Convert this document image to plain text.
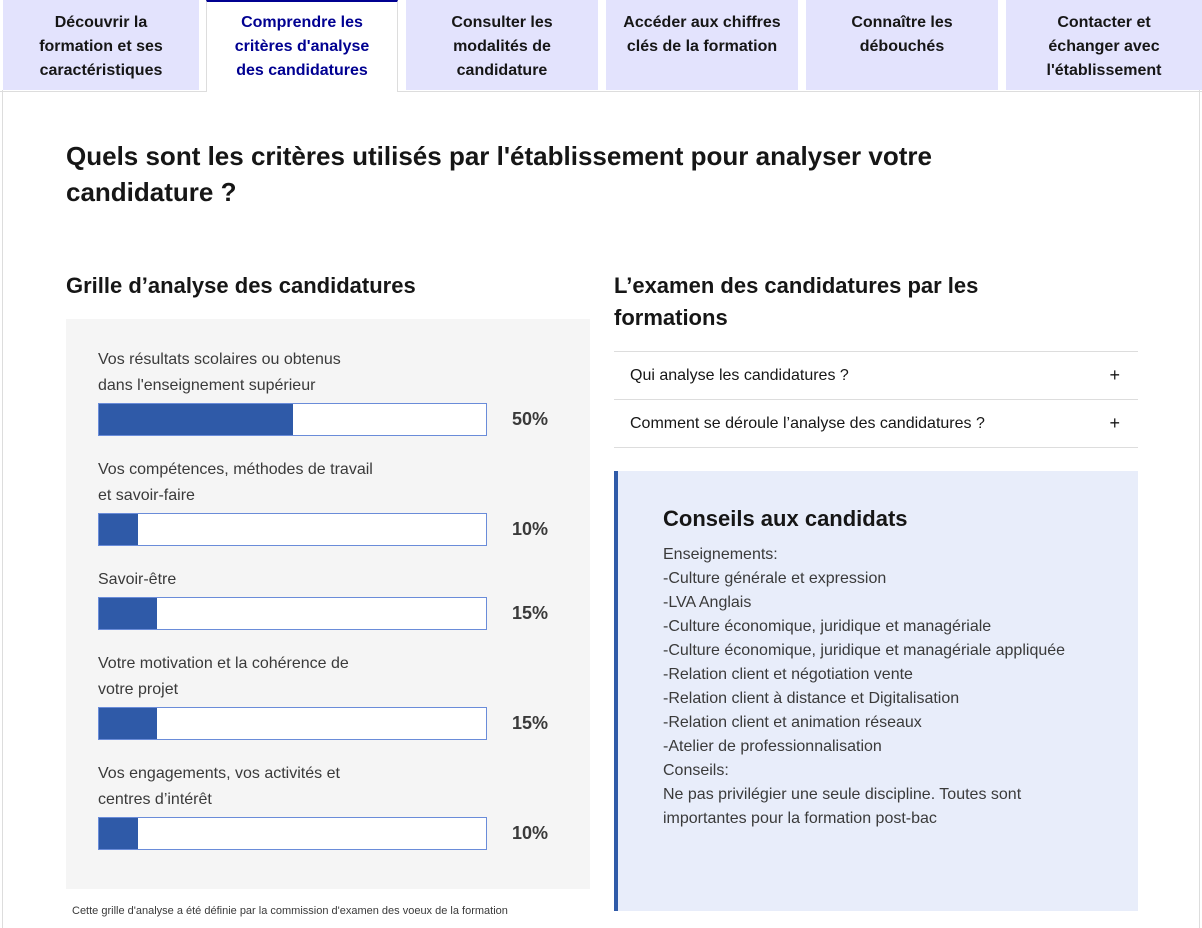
Découvrir la
formation et ses
caractéristiques
Comprendre les
critères d'analyse
des candidatures
Consulter les
modalités de
candidature
Accéder aux chiffres
clés de la formation
Connaître les
débouchés
Contacter et
échanger avec
l'établissement
Quels sont les critères utilisés par l'établissement pour analyser votre candidature ?
Grille d’analyse des candidatures
Vos résultats scolaires ou obtenus
dans l'enseignement supérieur
50%
Vos compétences, méthodes de travail
et savoir-faire
10%
Savoir-être
15%
Votre motivation et la cohérence de
votre projet
15%
Vos engagements, vos activités et
centres d’intérêt
10%
Cette grille d'analyse a été définie par la commission d'examen des voeux de la formation
L’examen des candidatures par les formations
Qui analyse les candidatures ?	+
Comment se déroule l’analyse des candidatures ?	+
Conseils aux candidats
Enseignements:
-Culture générale et expression
-LVA Anglais
-Culture économique, juridique et managériale
-Culture économique, juridique et managériale appliquée
-Relation client et négotiation vente
-Relation client à distance et Digitalisation
-Relation client et animation réseaux
-Atelier de professionnalisation
Conseils:
Ne pas privilégier une seule discipline. Toutes sont importantes pour la formation post-bac
